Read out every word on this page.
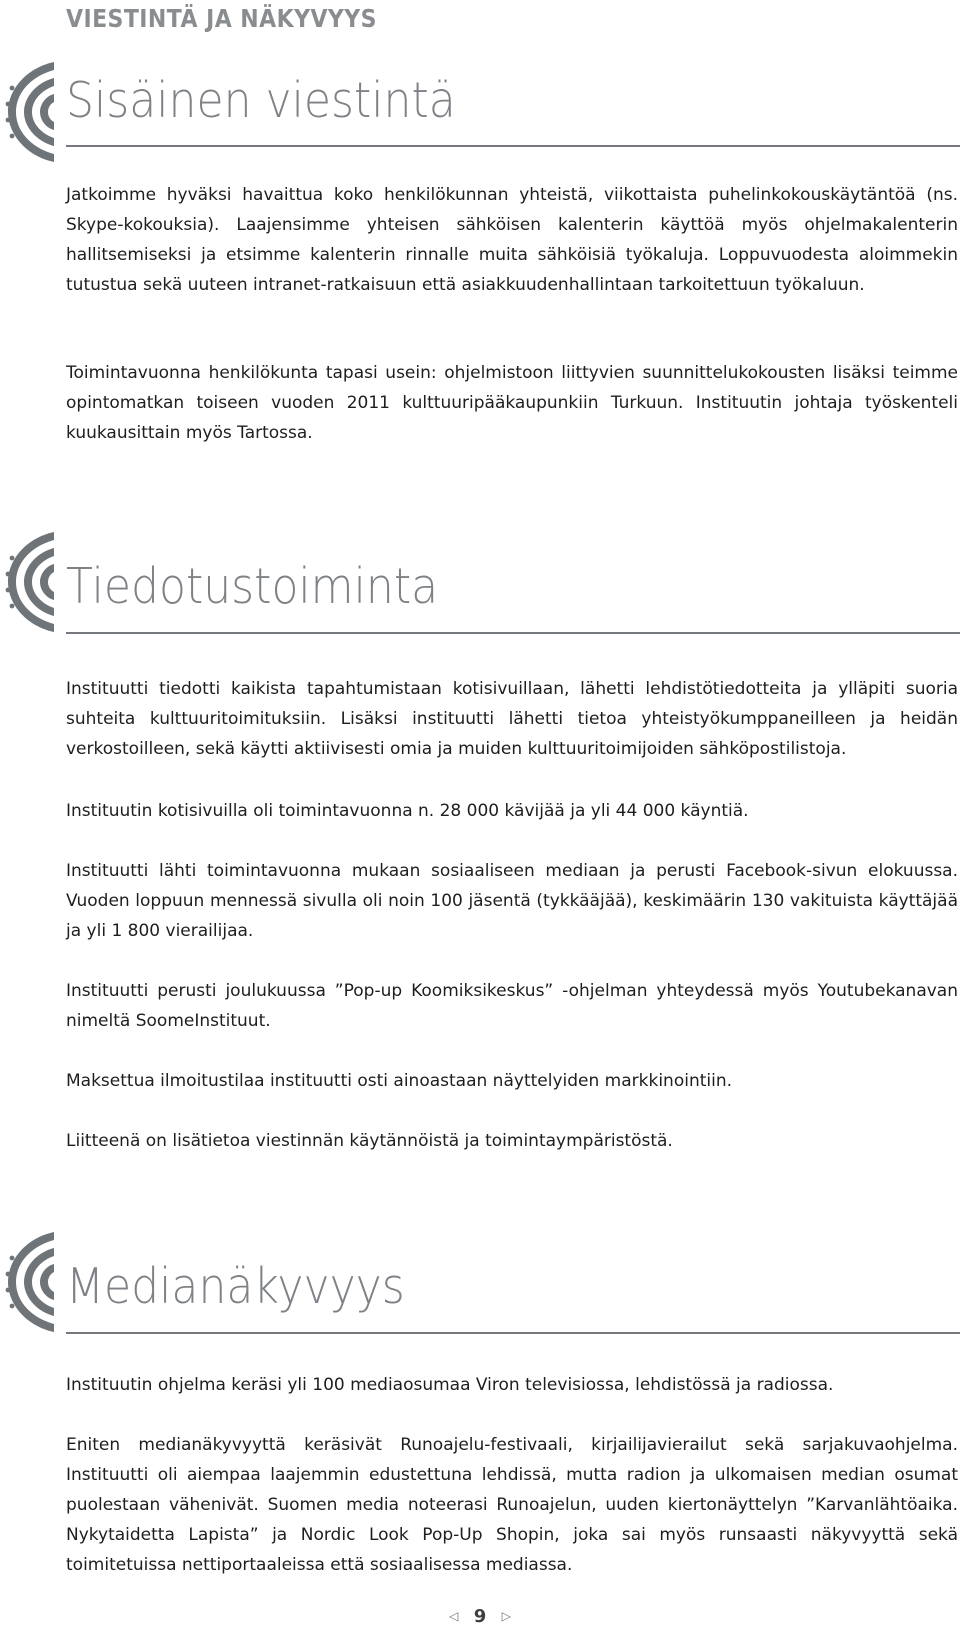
VIESTINTÄ JA NÄKYVYYS
Sisäinen viestintä

Jatkoimme hyväksi havaittua koko henkilökunnan yhteistä, viikottaista puhelinkokouskäytäntöä (ns. Skype-kokouksia). Laajensimme yhteisen sähköisen kalenterin käyttöä myös ohjelmakalenterin hallitsemiseksi ja etsimme kalenterin rinnalle muita sähköisiä työkaluja. Loppuvuodesta aloimmekin tutustua sekä uuteen intranet-ratkaisuun että asiakkuudenhallintaan tarkoitettuun työkaluun.

Toimintavuonna henkilökunta tapasi usein: ohjelmistoon liittyvien suunnittelukokousten lisäksi teimme opintomatkan toiseen vuoden 2011 kulttuuripääkaupunkiin Turkuun. Instituutin johtaja työskenteli kuukausittain myös Tartossa.

Tiedotustoiminta

Instituutti tiedotti kaikista tapahtumistaan kotisivuillaan, lähetti lehdistötiedotteita ja ylläpiti suoria suhteita kulttuuritoimituksiin. Lisäksi instituutti lähetti tietoa yhteistyökumppaneilleen ja heidän verkostoilleen, sekä käytti aktiivisesti omia ja muiden kulttuuritoimijoiden sähköpostilistoja.

Instituutin kotisivuilla oli toimintavuonna n. 28 000 kävijää ja yli 44 000 käyntiä.

Instituutti lähti toimintavuonna mukaan sosiaaliseen mediaan ja perusti Facebook-sivun elokuussa. Vuoden loppuun mennessä sivulla oli noin 100 jäsentä (tykkääjää), keskimäärin 130 vakituista käyttäjää ja yli 1 800 vierailijaa.

Instituutti perusti joulukuussa ”Pop-up Koomiksikeskus” -ohjelman yhteydessä myös Youtubekanavan nimeltä SoomeInstituut.

Maksettua ilmoitustilaa instituutti osti ainoastaan näyttelyiden markkinointiin.

Liitteenä on lisätietoa viestinnän käytännöistä ja toimintaympäristöstä.

Medianäkyvyys

Instituutin ohjelma keräsi yli 100 mediaosumaa Viron televisiossa, lehdistössä ja radiossa.

Eniten medianäkyvyyttä keräsivät Runoajelu-festivaali, kirjailijavierailut sekä sarjakuvaohjelma. Instituutti oli aiempaa laajemmin edustettuna lehdissä, mutta radion ja ulkomaisen median osumat puolestaan vähenivät. Suomen media noteerasi Runoajelun, uuden kiertonäyttelyn ”Karvanlähtöaika. Nykytaidetta Lapista” ja Nordic Look Pop-Up Shopin, joka sai myös runsaasti näkyvyyttä sekä toimitetuissa nettiportaaleissa että sosiaalisessa mediassa.

◁ 9 ▷
